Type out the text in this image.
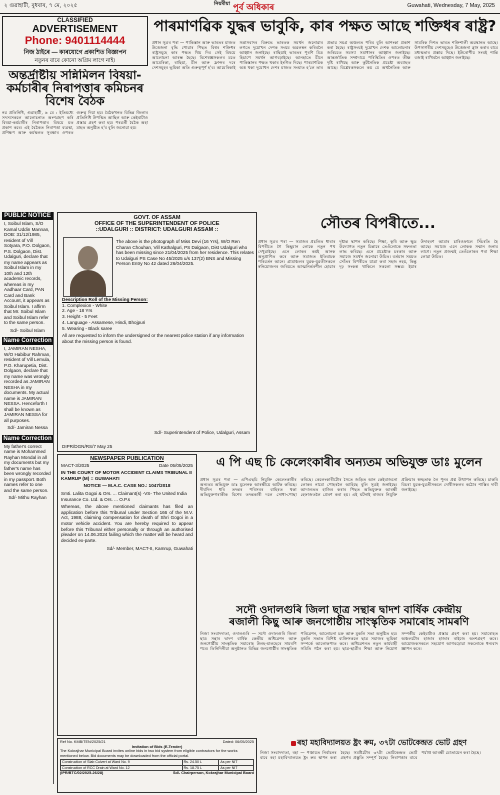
২ গুৱাহাটী, বুধবাৰ, ৭ মে, ২০২৫	$^{নিয়মীয়া}$ পূৰ্ব অধিকাৰ	Guwahati, Wednesday, 7 May, 2025
CLASSIFIED
ADVERTISEMENT
Phone: 9401114444
নিজ ঠাইৰে — কাৰযোগে প্ৰকাশিত বিজ্ঞাপন
নতুনৰ বাবে কোনো অগ্ৰিম লাগে নাই।
পাৰমাণৱিক যুদ্ধৰ ভাবুকি, কাৰ পক্ষত আছে শক্তিধৰ ৰাষ্ট্ৰ?
প্ৰধান সূত্ৰৰ পৰা — পাকিস্তান আৰু ভাৰতৰ মাজত উত্তেজনা বৃদ্ধি পোৱাৰ পিছত বিশ্বৰ শক্তিধৰ ৰাষ্ট্ৰসমূহে কাৰ পক্ষত থিয় দিব সেই বিষয়ে আলোচনা আৰম্ভ হৈছে। বিশেষজ্ঞসকলৰ মতে আমেৰিকা, ৰাছিয়া, চীন আৰু ফ্ৰান্সৰ দৰে দেশসমূহৰ ভূমিকা অতি গুৰুত্বপূৰ্ণ হ'ব। আমেৰিকাই সন্ত্ৰাসবাদৰ বিৰুদ্ধে ভাৰতক সমৰ্থন জনোৱাৰ লগতে দুয়োখন দেশক সংযম অৱলম্বন কৰিবলৈ আহ্বান জনাইছে। ৰাছিয়াই ভাৰতৰ পুৰণি মিত্ৰ হিচাপে সমৰ্থন আগবঢ়াইছে। আনহাতে চীনে পাকিস্তানৰ পক্ষত থকাৰ ইংগিত দিছে। পাৰমাণৱিক অস্ত্ৰ থকা দুয়োখন দেশৰ মাজত সংঘাত হ'লে তাৰ প্ৰভাৱ সমগ্ৰ অঞ্চলত পৰিব বুলি আশংকা প্ৰকাশ কৰা হৈছে। ৰাষ্ট্ৰসংঘই দুয়োখন দেশক আলোচনাৰ জৰিয়তে সমস্যা সমাধানৰ আহ্বান জনাইছে। আন্তৰ্জাতিক সম্প্ৰদায়ে পৰিস্থিতিৰ ওপৰত তীক্ষ্ণ দৃষ্টি ৰাখিছে আৰু কূটনৈতিক প্ৰচেষ্টা অব্যাহত আছে। বিশ্লেষকসকলে কয় যে অৰ্থনৈতিক আৰু সামৰিক দিশত ভাৰত শক্তিশালী অৱস্থানত আছে। উপসাগৰীয় দেশসমূহেও উত্তেজনা হ্ৰাস কৰাৰ বাবে মধ্যস্থতাৰ প্ৰস্তাৱ দিছে। ইউৰোপীয় সংঘই শান্তি বজাই ৰাখিবলৈ আহ্বান জনাইছে।
অন্তৰ্দ্ৰাষ্টীয় সন্নিমিলন বিষয়া-কৰ্মচাৰীৰ নিৰাপত্তাৰ কমিচনৰ বিশেষ বৈঠক
নৱ প্ৰতিনিধি, গুৱাহাটী, ৬ মে : ইতিমধ্যে সদস্যসকলে আলোচনাত অংশগ্ৰহণ কৰি বিষয়া-কৰ্মচাৰীৰ নিৰাপত্তাৰ বিষয়ে মত প্ৰকাশ কৰে। এই বৈঠকত নিৰাপত্তা ব্যৱস্থা, প্ৰশিক্ষণ আৰু কৰ্মস্থলত সুৰক্ষাৰ ওপৰত গুৰুত্ব দিয়া হয়। বৈঠকখনত বিভিন্ন জিলাৰ প্ৰতিনিধি উপস্থিত আছিল আৰু কেইবাটাও প্ৰস্তাৱ গ্ৰহণ কৰা হয়। পৰৱৰ্তী বৈঠক অহা মাহত অনুষ্ঠিত হ'ব বুলি জনোৱা হয়।
PUBLIC NOTICE
I, Soibul Islam, S/O Kamal Uddin Mannan, DOB: 31/12/1985, resident of Vill Sotyara, P.O. Dolgaon, P.S. Dolgaon, Dist. Udalguri, declare that my name appears as Soibul Islam in my 10th and 12th academic records, whereas in my Aadhaar Card, PAN Card and Bank Account, it appears as Soibul Islam. I affirm that Mr. Soibul Islam and Soibul Islam refer to the same person.
Sd/- Soibul Islam
Name Correction
I, JAMIRAN NESHA, W/O Habibur Rahman, resident of Vill Lemula, P.O. Kharupetia, Dist. Dolgaon, declare that my name was wrongly recorded as JAMIRAN NESHA in my documents. My actual name is JAMIRAN NESSA. Henceforth I shall be known as JAMIRAN NESSA for all purposes.
Sd/- Jamiran Nessa
Name Correction
My father's correct name is Mohammed Rayhan Mondal in all my documents but my father's name has been wrongly recorded in my passport. Both names refer to one and the same person.
Sd/- Mithu Rayhan
GOVT. OF ASSAM
OFFICE OF THE SUPERINTENDENT OF POLICE
::UDALGURI :: DISTRICT: UDALGURI ASSAM ::
The above is the photograph of Miss Devi (16 Yrs), W/O Ren Charan Chouhan, Vill Kathalguri, PS Dalgaon, Dist Udalguri who has been missing since 21/04/2025 from her residence. This relates to Udalguri PS Case No 45/2025 u/s 137(2) BNS and Missing Person Entry No 42 dated 26/04/2025.
Description Roll of the Missing Person:
1. Complexion - White
2. Age - 18 Yrs
3. Height - 5 Feet
4. Language - Assamese, Hindi, Bhojpuri
5. Wearing - Black saree
All are requested to inform the undersigned or the nearest police station if any information about the missing person is found.
Sd/- Superintendent of Police, Udalguri, Assam
DIPR/DGN/RS/7 May 25
সৌতৰ বিপৰীতে...
প্ৰধান সূত্ৰৰ পৰা — সমাজৰ প্ৰচলিত ধাৰাৰ বিপৰীতে গৈ কিছুমান লোকে নতুন পথ দেখুৱাইছে। এনে লোকৰ কৰ্মই আনক অনুপ্ৰাণিত কৰে আৰু সমাজত ইতিবাচক পৰিৱৰ্তন আনে। গ্ৰামাঞ্চলৰ যুৱক-যুৱতীসকলে স্বনিয়োজনৰ জৰিয়তে আত্মনিৰ্ভৰশীল হোৱাৰ দৃষ্টান্ত স্থাপন কৰিছে। শিক্ষা, কৃষি আৰু ক্ষুদ্ৰ উদ্যোগত নতুন চিন্তাৰে তেওঁলোকে সফলতা লাভ কৰিছে। এনে প্ৰচেষ্টাক চৰকাৰ আৰু সমাজে সমৰ্থন জনোৱা উচিত। বৰ্তমান সময়ত সোঁতৰ বিপৰীতে যাত্ৰা কৰা সহজ নহয়, কিন্তু দৃঢ় সংকল্প থাকিলে সকলো সম্ভৱ। ইয়াৰ উদাহৰণ আমাৰ চাৰিওফালে সিঁচৰতি হৈ আছে। সমাজে এনে লোকক সন্মান জনাব লাগে। নতুন প্ৰজন্মই তেওঁলোকৰ পৰা শিক্ষা লোৱা উচিত।
NEWSPAPER PUBLICATION
MACT-3/2025	Date 05/05/2025
IN THE COURT OF MOTOR ACCIDENT CLAIMS TRIBUNAL II KAMRUP (M) :: GUWAHATI
NOTICE — M.A.C. CASE NO.: 1047/2018
Smti. Lalita Gogoi & Ors. ... Claimant(s) -VS- The United India Insurance Co. Ltd. & Ors. ... O.P.s
Whereas, the above mentioned claimants has filed an application before this Tribunal under Section 166 of the M.V. Act, 1988, claiming compensation for death of Shri Gogoi in a motor vehicle accident. You are hereby required to appear before this Tribunal either personally or through an authorised pleader on 14.06.2024 failing which the matter will be heard and decided ex-parte.
Sd/- Member, MACT-II, Kamrup, Guwahati
এ পি এছ চি কেলেংকাৰীৰ অন্যতম অভিযুক্ত ডাঃ মুলেন
প্ৰধান সূত্ৰৰ পৰা — এপিএছচি নিযুক্তি কেলেংকাৰীৰ অন্যতম অভিযুক্ত ডাঃ মুলেনক আৰক্ষীয়ে আটক কৰিছে। দীৰ্ঘদিন ধৰি তদন্তৰ পৰিসৰৰ বাহিৰত থকা অভিযুক্তগৰাকীক বিশেষ তদন্তকাৰী দলে সোধা-পোছা কৰিছে। কেলেংকাৰীটোৰ সৈতে জড়িত আন কেইবাজনো লোকৰ নামো পোহৰলৈ আহিছে বুলি সূত্ৰই জনাইছে। আদালতত হাজিৰ কৰাৰ পিছত অভিযুক্তক আৰক্ষী হেফাজতলৈ প্ৰেৰণ কৰা হয়। এই ঘটনাই ৰাজ্যৰ নিযুক্তি প্ৰক্ৰিয়াৰ স্বচ্ছতাক লৈ পুনৰ প্ৰশ্ন উত্থাপন কৰিছে। চাকৰি বিচৰা যুৱক-যুৱতীসকলে দোষীসকলৰ কঠোৰ শাস্তিৰ দাবী জনাইছে।
সদৌ ওদালগুৰি জিলা ছাত্ৰ সন্থাৰ দ্বাদশ বাৰ্ষিক কেন্দ্ৰীয়
ৰজালী কিছু আৰু জনগোষ্ঠীয় সাংস্কৃতিক সমাৰোহ সামৰণি
নিজা সংবাদদাতা, ওদালগুৰি — সদৌ ওদালগুৰি জিলা ছাত্ৰ সন্থাৰ দ্বাদশ বাৰ্ষিক কেন্দ্ৰীয় অধিৱেশন আৰু জনগোষ্ঠীয় সাংস্কৃতিক সমাৰোহ উলহ-মালহেৰে সামৰণি পৰে। তিনিদিনীয়া অনুষ্ঠানত বিভিন্ন জনগোষ্ঠীৰ সাংস্কৃতিক পৰিৱেশন, আলোচনা চক্ৰ আৰু মুকলি সভা অনুষ্ঠিত হয়। মুকলি সভাত বিশিষ্ট ব্যক্তিসকলে ছাত্ৰ সমাজৰ ভূমিকা সম্পৰ্কে আলোকপাত কৰে। অধিৱেশনত নতুন কাৰ্যবাহী সমিতি গঠন কৰা হয়। ছাত্ৰ-ছাত্ৰীৰ শিক্ষা আৰু নিয়োগ সম্পৰ্কীয় কেইবাটাও প্ৰস্তাৱ গ্ৰহণ কৰা হয়। সমাৰোহত অঞ্চলটোৰ হাজাৰ হাজাৰ ৰাইজে অংশগ্ৰহণ কৰে। আয়োজকসকলে সহযোগ আগবঢ়োৱা সকলোকে ধন্যবাদ জ্ঞাপন কৰে।
Ref No. KMB/TEN/2025/21	Dated: 06/05/2025
Invitation of Bids (E-Tender)
The Kokrajhar Municipal Board invites online bids in two bid system from eligible contractors for the works mentioned below. Bid documents may be downloaded from the official portal.
Construction of Slab Culvert at Ward No. 9	Rs. 24.50 L	As per NIT
Construction of RCC Drain at Ward No. 12	Rs. 18.75 L	As per NIT
(IPR/BTC/02/2025-26/28)	Sd/- Chairperson, Kokrajhar Municipal Board
ৰহা মহাবিদ্যালয়ত ষ্ট্ৰং ৰুম, ৩৭টা ভোটকেন্দ্ৰত ভোট গ্ৰহণ
নিজা সংবাদদাতা, ৰহা — পঞ্চায়ত নিৰ্বাচনৰ বাবে ৰহা মহাবিদ্যালয়ত ষ্ট্ৰং ৰুম স্থাপন কৰা হৈছে। সমষ্টিটোৰ ৩৭টা ভোটকেন্দ্ৰত ভোট গ্ৰহণৰ প্ৰস্তুতি সম্পূৰ্ণ হৈছে। নিৰাপত্তাৰ বাবে পৰ্যাপ্ত আৰক্ষী মোতায়েন কৰা হৈছে।
